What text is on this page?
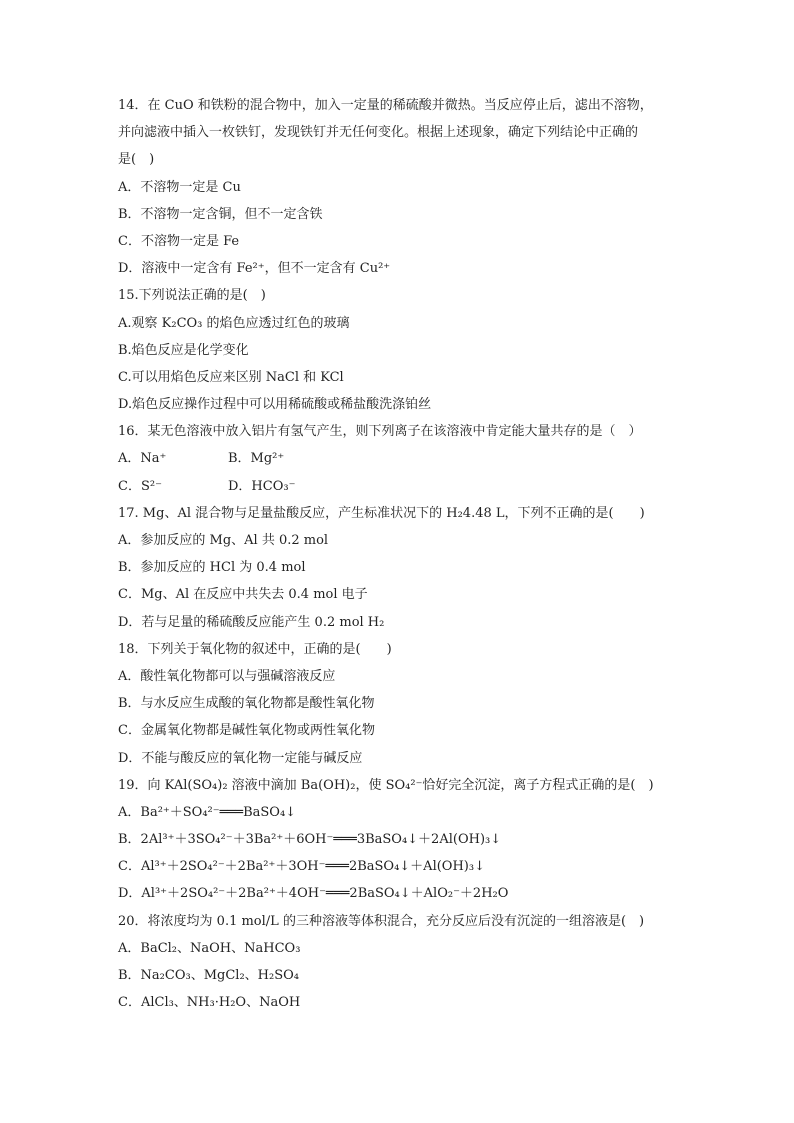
14．在 CuO 和铁粉的混合物中，加入一定量的稀硫酸并微热。当反应停止后，滤出不溶物，
并向滤液中插入一枚铁钉，发现铁钉并无任何变化。根据上述现象，确定下列结论中正确的
是(　)
A．不溶物一定是 Cu
B．不溶物一定含铜，但不一定含铁
C．不溶物一定是 Fe
D．溶液中一定含有 Fe²⁺，但不一定含有 Cu²⁺
15.下列说法正确的是(　)
A.观察 K₂CO₃ 的焰色应透过红色的玻璃
B.焰色反应是化学变化
C.可以用焰色反应来区别 NaCl 和 KCl
D.焰色反应操作过程中可以用稀硫酸或稀盐酸洗涤铂丝
16．某无色溶液中放入铝片有氢气产生，则下列离子在该溶液中肯定能大量共存的是（　）
A．Na⁺	B．Mg²⁺
C．S²⁻	D．HCO₃⁻
17. Mg、Al 混合物与足量盐酸反应，产生标准状况下的 H₂4.48 L，下列不正确的是(　　)
A．参加反应的 Mg、Al 共 0.2 mol
B．参加反应的 HCl 为 0.4 mol
C．Mg、Al 在反应中共失去 0.4 mol 电子
D．若与足量的稀硫酸反应能产生 0.2 mol H₂
18．下列关于氧化物的叙述中，正确的是(　　)
A．酸性氧化物都可以与强碱溶液反应
B．与水反应生成酸的氧化物都是酸性氧化物
C．金属氧化物都是碱性氧化物或两性氧化物
D．不能与酸反应的氧化物一定能与碱反应
19．向 KAl(SO₄)₂ 溶液中滴加 Ba(OH)₂，使 SO₄²⁻恰好完全沉淀，离子方程式正确的是(　)
A．Ba²⁺＋SO₄²⁻═══BaSO₄↓
B．2Al³⁺＋3SO₄²⁻＋3Ba²⁺＋6OH⁻═══3BaSO₄↓＋2Al(OH)₃↓
C．Al³⁺＋2SO₄²⁻＋2Ba²⁺＋3OH⁻═══2BaSO₄↓＋Al(OH)₃↓
D．Al³⁺＋2SO₄²⁻＋2Ba²⁺＋4OH⁻═══2BaSO₄↓＋AlO₂⁻＋2H₂O
20．将浓度均为 0.1 mol/L 的三种溶液等体积混合，充分反应后没有沉淀的一组溶液是(　)
A．BaCl₂、NaOH、NaHCO₃
B．Na₂CO₃、MgCl₂、H₂SO₄
C．AlCl₃、NH₃·H₂O、NaOH
